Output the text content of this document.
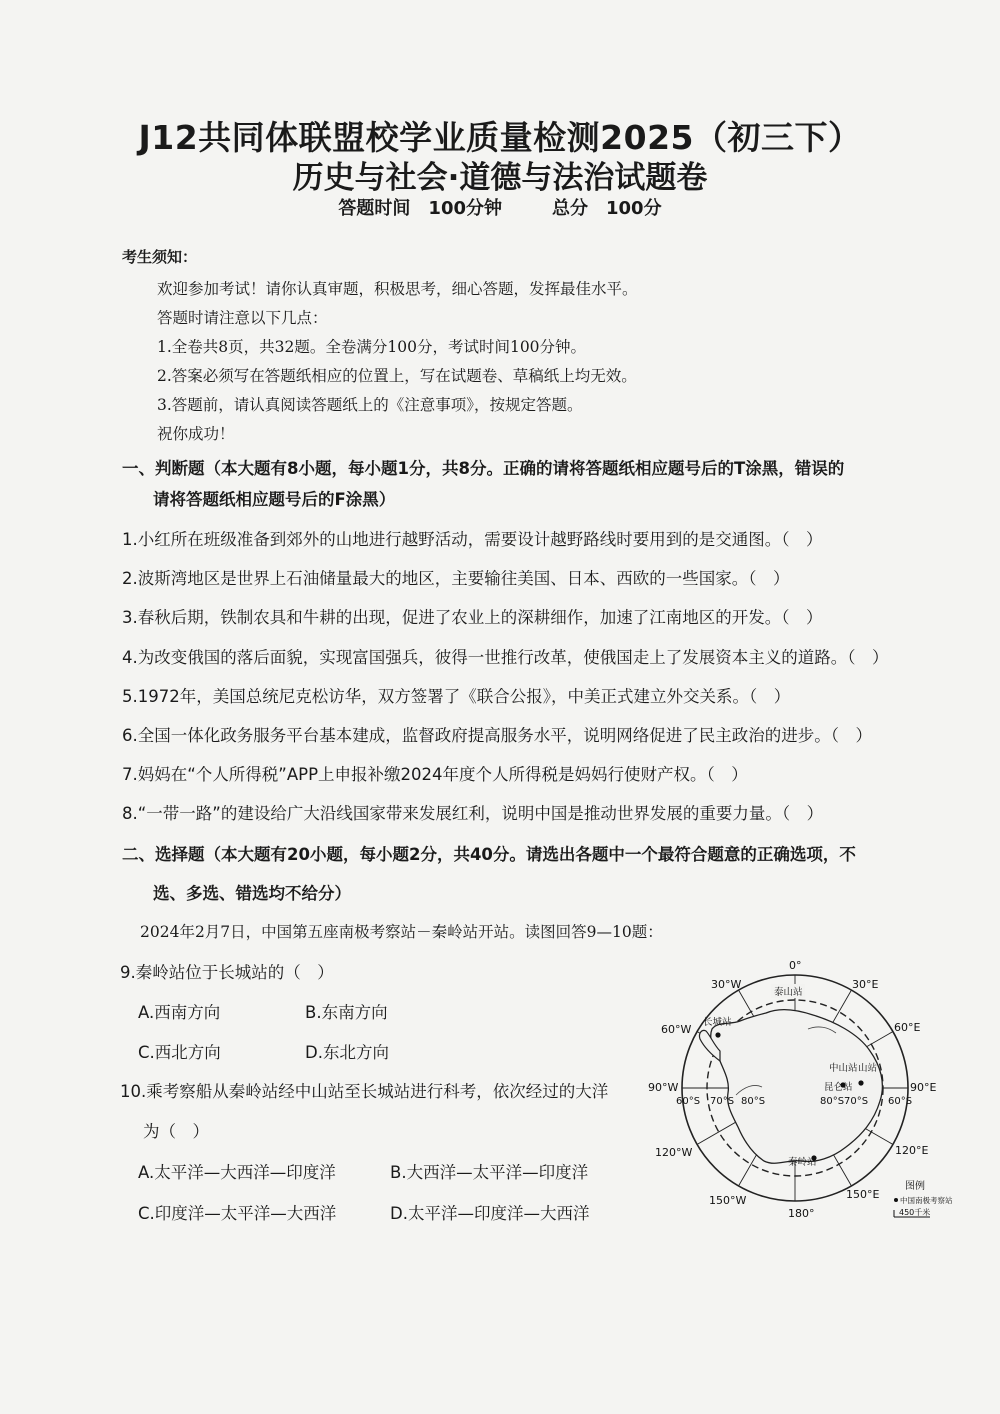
J12共同体联盟校学业质量检测2025（初三下）
历史与社会·道德与法治试题卷
答题时间 100分钟	总分 100分
考生须知：
欢迎参加考试！请你认真审题，积极思考，细心答题，发挥最佳水平。
答题时请注意以下几点：
1.全卷共8页，共32题。全卷满分100分，考试时间100分钟。
2.答案必须写在答题纸相应的位置上，写在试题卷、草稿纸上均无效。
3.答题前，请认真阅读答题纸上的《注意事项》，按规定答题。
祝你成功！
一、判断题（本大题有8小题，每小题1分，共8分。正确的请将答题纸相应题号后的T涂黑，错误的
请将答题纸相应题号后的F涂黑）
1.小红所在班级准备到郊外的山地进行越野活动，需要设计越野路线时要用到的是交通图。（　）
2.波斯湾地区是世界上石油储量最大的地区，主要输往美国、日本、西欧的一些国家。（　）
3.春秋后期，铁制农具和牛耕的出现，促进了农业上的深耕细作，加速了江南地区的开发。（　）
4.为改变俄国的落后面貌，实现富国强兵，彼得一世推行改革，使俄国走上了发展资本主义的道路。（　）
5.1972年，美国总统尼克松访华，双方签署了《联合公报》，中美正式建立外交关系。（　）
6.全国一体化政务服务平台基本建成，监督政府提高服务水平，说明网络促进了民主政治的进步。（　）
7.妈妈在“个人所得税”APP上申报补缴2024年度个人所得税是妈妈行使财产权。（　）
8.“一带一路”的建设给广大沿线国家带来发展红利，说明中国是推动世界发展的重要力量。（　）
二、选择题（本大题有20小题，每小题2分，共40分。请选出各题中一个最符合题意的正确选项，不
选、多选、错选均不给分）
2024年2月7日，中国第五座南极考察站－秦岭站开站。读图回答9—10题：
9.秦岭站位于长城站的（　）
A.西南方向	B.东南方向
C.西北方向	D.东北方向
10.乘考察船从秦岭站经中山站至长城站进行科考，依次经过的大洋
为（　）
A.太平洋—大西洋—印度洋	B.大西洋—太平洋—印度洋
C.印度洋—太平洋—大西洋	D.太平洋—印度洋—大西洋
0°
30°E
60°E
90°E
120°E
150°E
180°
150°W
120°W
90°W
60°W
30°W
60°S 70°S 80°S	80°S 70°S 60°S
泰山站
长城站
中山站
昆仑站
山站
秦岭站
图例
中国南极考察站
450千米
